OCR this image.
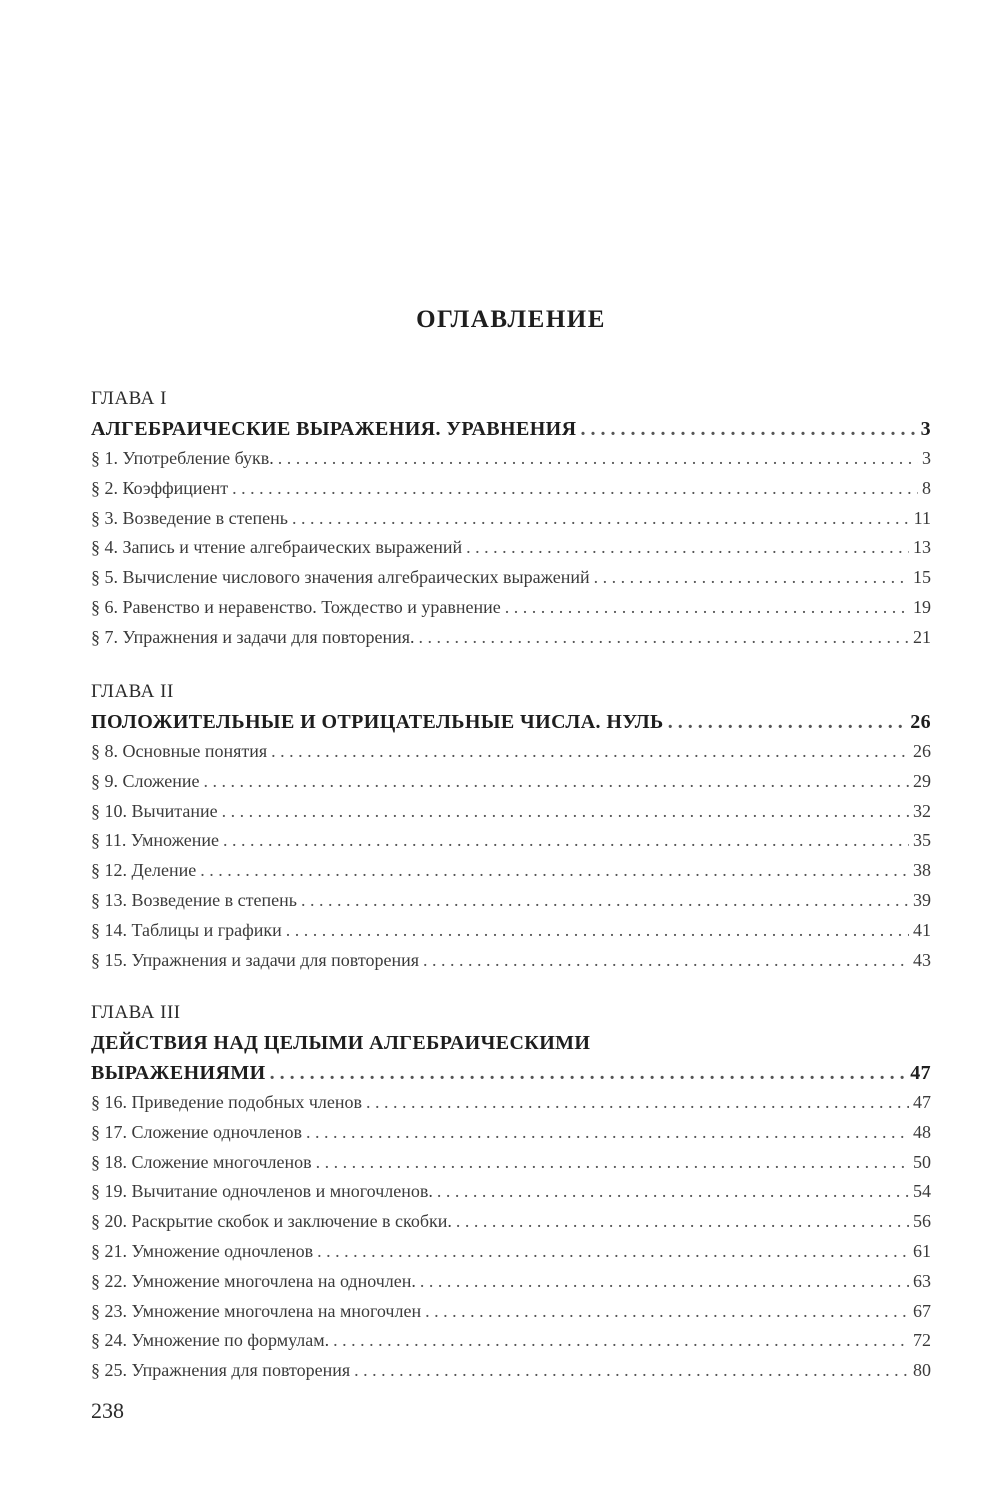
ОГЛАВЛЕНИЕ
ГЛАВА I
АЛГЕБРАИЧЕСКИЕ ВЫРАЖЕНИЯ. УРАВНЕНИЯ . . .	3
§ 1. Употребление букв. . . .	3
§ 2. Коэффициент . . .	8
§ 3. Возведение в степень . . .	11
§ 4. Запись и чтение алгебраических выражений . . .	13
§ 5. Вычисление числового значения алгебраических выражений . . .	15
§ 6. Равенство и неравенство. Тождество и уравнение . . .	19
§ 7. Упражнения и задачи для повторения. . . .	21
ГЛАВА II
ПОЛОЖИТЕЛЬНЫЕ И ОТРИЦАТЕЛЬНЫЕ ЧИСЛА. НУЛЬ . . .	26
§ 8. Основные понятия . . .	26
§ 9. Сложение . . .	29
§ 10. Вычитание . . .	32
§ 11. Умножение . . .	35
§ 12. Деление . . .	38
§ 13. Возведение в степень . . .	39
§ 14. Таблицы и графики . . .	41
§ 15. Упражнения и задачи для повторения . . .	43
ГЛАВА III
ДЕЙСТВИЯ НАД ЦЕЛЫМИ АЛГЕБРАИЧЕСКИМИ
ВЫРАЖЕНИЯМИ . . .	47
§ 16. Приведение подобных членов . . .	47
§ 17. Сложение одночленов . . .	48
§ 18. Сложение многочленов . . .	50
§ 19. Вычитание одночленов и многочленов. . . .	54
§ 20. Раскрытие скобок и заключение в скобки. . . .	56
§ 21. Умножение одночленов . . .	61
§ 22. Умножение многочлена на одночлен. . . .	63
§ 23. Умножение многочлена на многочлен . . .	67
§ 24. Умножение по формулам. . . .	72
§ 25. Упражнения для повторения . . .	80
238
